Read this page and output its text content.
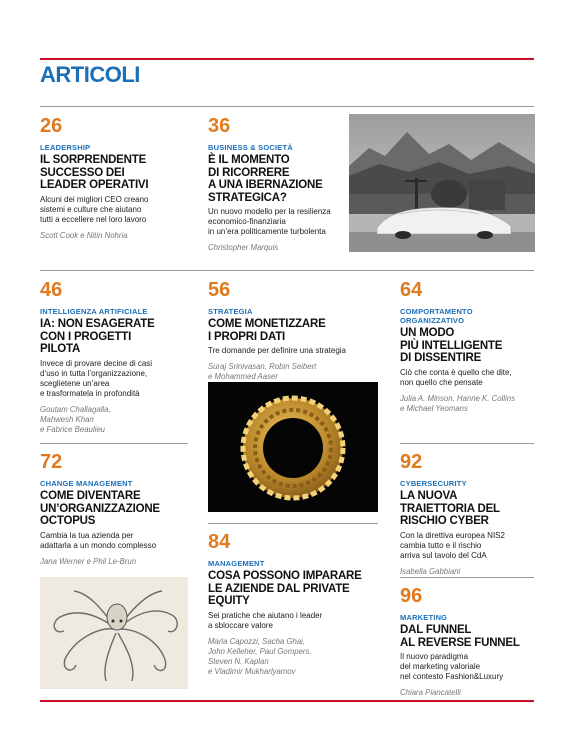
ARTICOLI
26
LEADERSHIP
IL SORPRENDENTE
SUCCESSO DEI
LEADER OPERATIVI
Alcuni dei migliori CEO creano
sistemi e culture che aiutano
tutti a eccellere nel loro lavoro
Scott Cook e Nitin Nohria
36
BUSINESS & SOCIETÀ
È IL MOMENTO
DI RICORRERE
A UNA IBERNAZIONE
STRATEGICA?
Un nuovo modello per la resilienza
economico-finanziaria
in un’era politicamente turbolenta
Christopher Marquis
46
INTELLIGENZA ARTIFICIALE
IA: NON ESAGERATE
CON I PROGETTI
PILOTA
Invece di provare decine di casi
d’uso in tutta l’organizzazione,
sceglietene un’area
e trasformatela in profondità
Goutam Challagalla,
Mahwesh Khan
e Fabrice Beaulieu
56
STRATEGIA
COME MONETIZZARE
I PROPRI DATI
Tre domande per definire una strategia
Suraj Srinivasan, Robin Seibert
e Mohammed Aaser
64
COMPORTAMENTO
ORGANIZZATIVO
UN MODO
PIÙ INTELLIGENTE
DI DISSENTIRE
Ciò che conta è quello che dite,
non quello che pensate
Julia A. Minson, Hanne K. Collins
e Michael Yeomans
72
CHANGE MANAGEMENT
COME DIVENTARE
UN’ORGANIZZAZIONE
OCTOPUS
Cambia la tua azienda per
adattarla a un mondo complesso
Jana Werner e Phil Le-Brun
84
MANAGEMENT
COSA POSSONO IMPARARE
LE AZIENDE DAL PRIVATE
EQUITY
Sei pratiche che aiutano i leader
a sbloccare valore
Marla Capozzi, Sacha Ghai,
John Kelleher, Paul Gompers,
Steven N. Kaplan
e Vladimir Mukharlyamov
92
CYBERSECURITY
LA NUOVA
TRAIETTORIA DEL
RISCHIO CYBER
Con la direttiva europea NIS2
cambia tutto e il rischio
arriva sul tavolo del CdA
Isabella Gabbiani
96
MARKETING
DAL FUNNEL
AL REVERSE FUNNEL
Il nuovo paradigma
del marketing valoriale
nel contesto Fashion&Luxury
Chiara Piancatelli
